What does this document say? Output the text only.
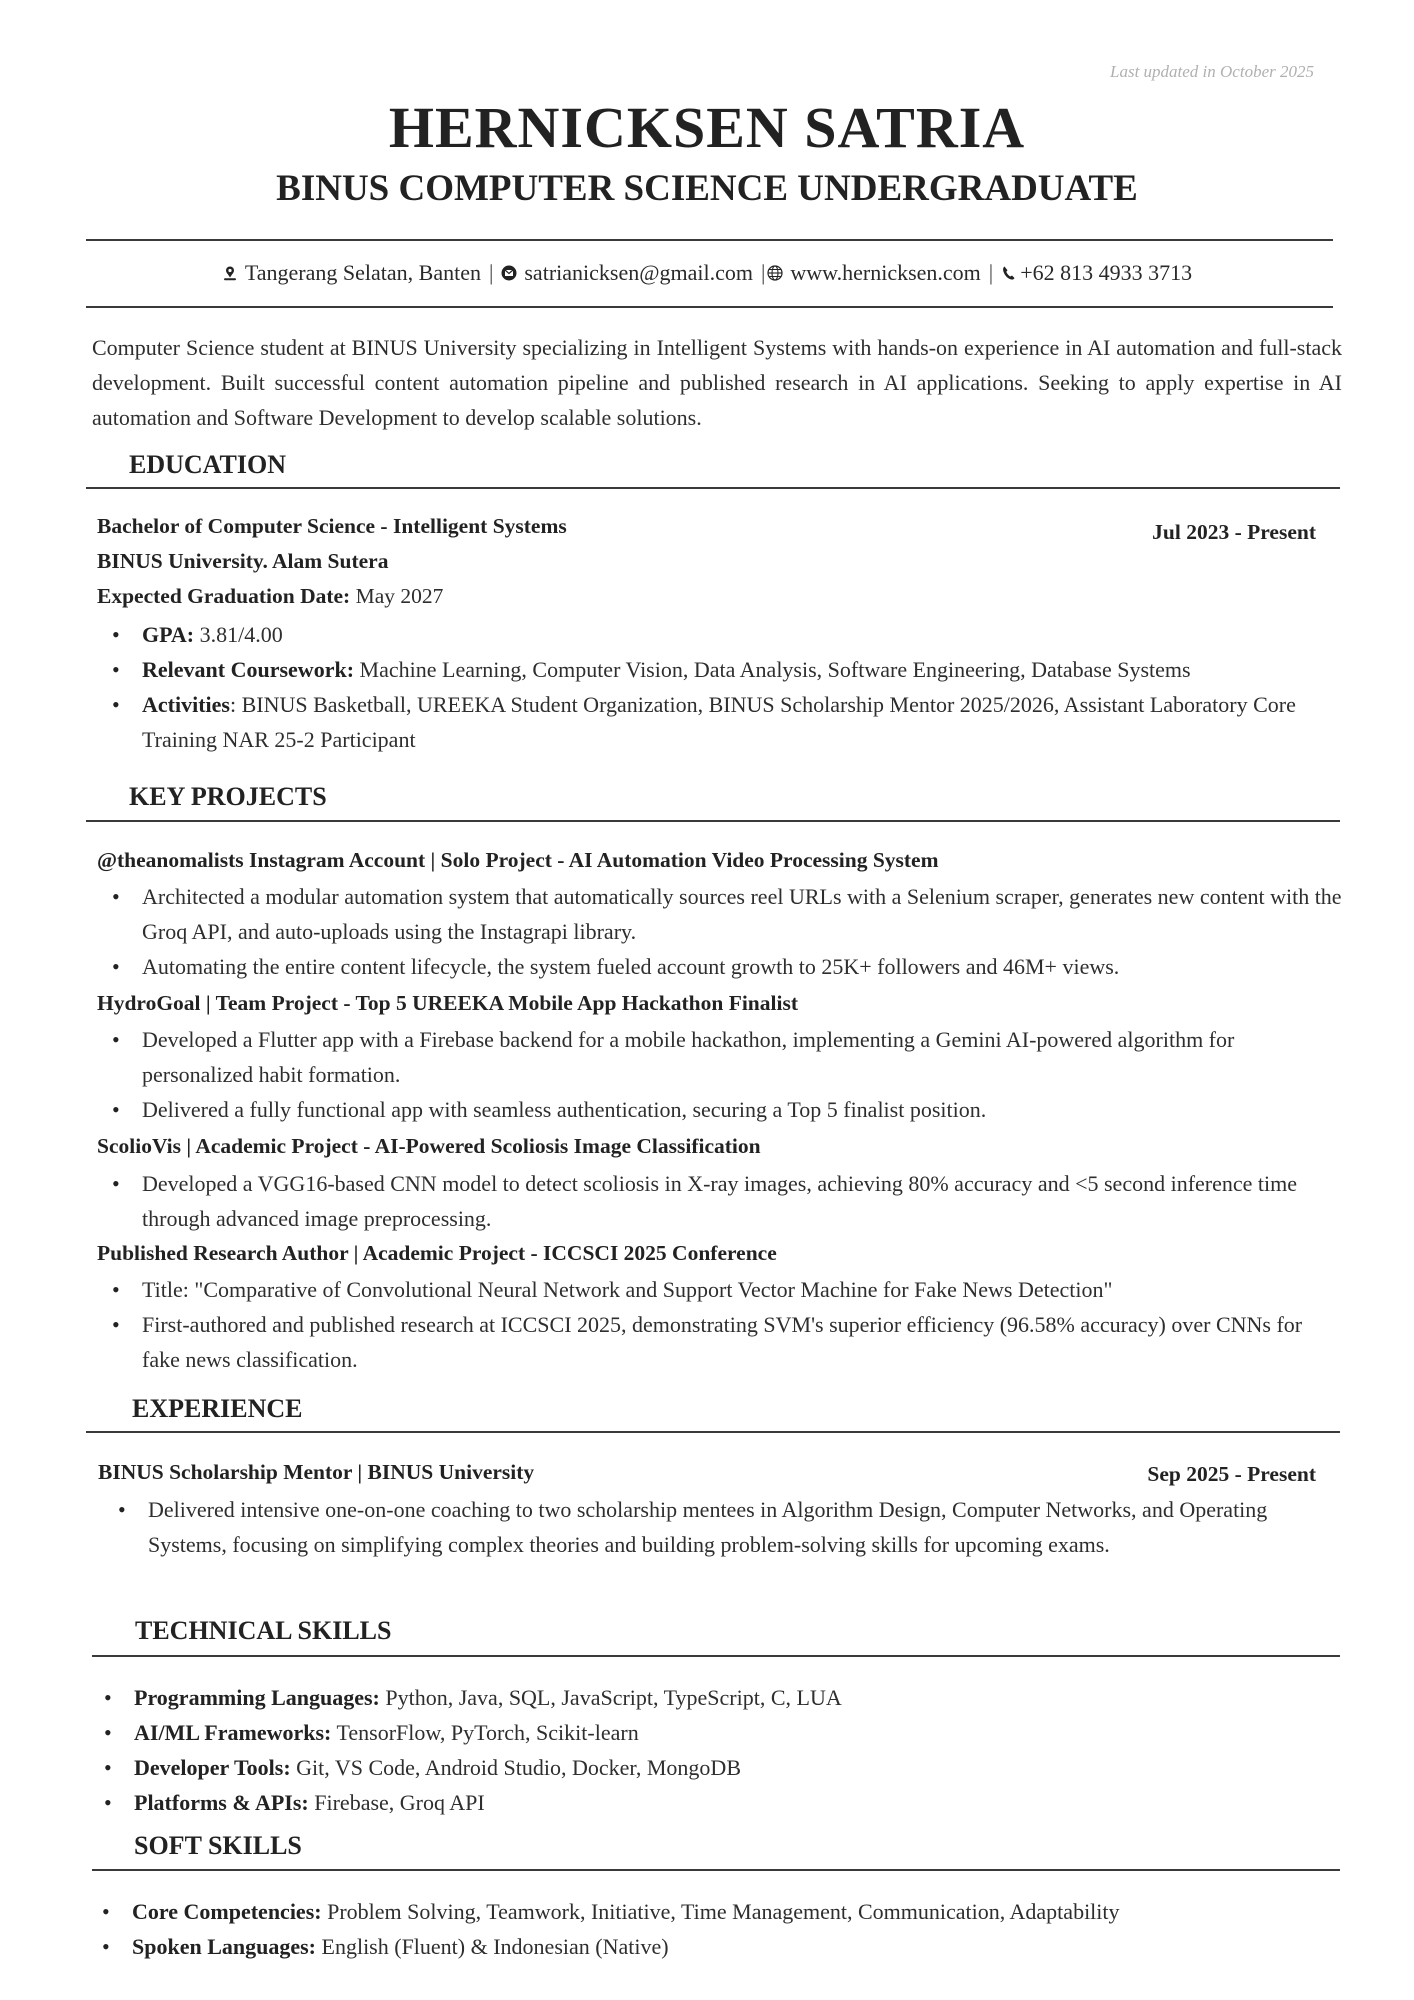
Last updated in October 2025
HERNICKSEN SATRIA
BINUS COMPUTER SCIENCE UNDERGRADUATE
Tangerang Selatan, Banten | satrianicksen@gmail.com | www.hernicksen.com | +62 813 4933 3713
Computer Science student at BINUS University specializing in Intelligent Systems with hands-on experience in AI automation and full-stack development. Built successful content automation pipeline and published research in AI applications. Seeking to apply expertise in AI automation and Software Development to develop scalable solutions.
EDUCATION
Bachelor of Computer Science - Intelligent Systems	Jul 2023 - Present
BINUS University. Alam Sutera
Expected Graduation Date: May 2027
• GPA: 3.81/4.00
• Relevant Coursework: Machine Learning, Computer Vision, Data Analysis, Software Engineering, Database Systems
• Activities: BINUS Basketball, UREEKA Student Organization, BINUS Scholarship Mentor 2025/2026, Assistant Laboratory Core Training NAR 25-2 Participant
KEY PROJECTS
@theanomalists Instagram Account | Solo Project - AI Automation Video Processing System
• Architected a modular automation system that automatically sources reel URLs with a Selenium scraper, generates new content with the Groq API, and auto-uploads using the Instagrapi library.
• Automating the entire content lifecycle, the system fueled account growth to 25K+ followers and 46M+ views.
HydroGoal | Team Project - Top 5 UREEKA Mobile App Hackathon Finalist
• Developed a Flutter app with a Firebase backend for a mobile hackathon, implementing a Gemini AI-powered algorithm for personalized habit formation.
• Delivered a fully functional app with seamless authentication, securing a Top 5 finalist position.
ScolioVis | Academic Project - AI-Powered Scoliosis Image Classification
• Developed a VGG16-based CNN model to detect scoliosis in X-ray images, achieving 80% accuracy and <5 second inference time through advanced image preprocessing.
Published Research Author | Academic Project - ICCSCI 2025 Conference
• Title: "Comparative of Convolutional Neural Network and Support Vector Machine for Fake News Detection"
• First-authored and published research at ICCSCI 2025, demonstrating SVM's superior efficiency (96.58% accuracy) over CNNs for fake news classification.
EXPERIENCE
BINUS Scholarship Mentor | BINUS University	Sep 2025 - Present
• Delivered intensive one-on-one coaching to two scholarship mentees in Algorithm Design, Computer Networks, and Operating Systems, focusing on simplifying complex theories and building problem-solving skills for upcoming exams.
TECHNICAL SKILLS
• Programming Languages: Python, Java, SQL, JavaScript, TypeScript, C, LUA
• AI/ML Frameworks: TensorFlow, PyTorch, Scikit-learn
• Developer Tools: Git, VS Code, Android Studio, Docker, MongoDB
• Platforms & APIs: Firebase, Groq API
SOFT SKILLS
• Core Competencies: Problem Solving, Teamwork, Initiative, Time Management, Communication, Adaptability
• Spoken Languages: English (Fluent) & Indonesian (Native)
